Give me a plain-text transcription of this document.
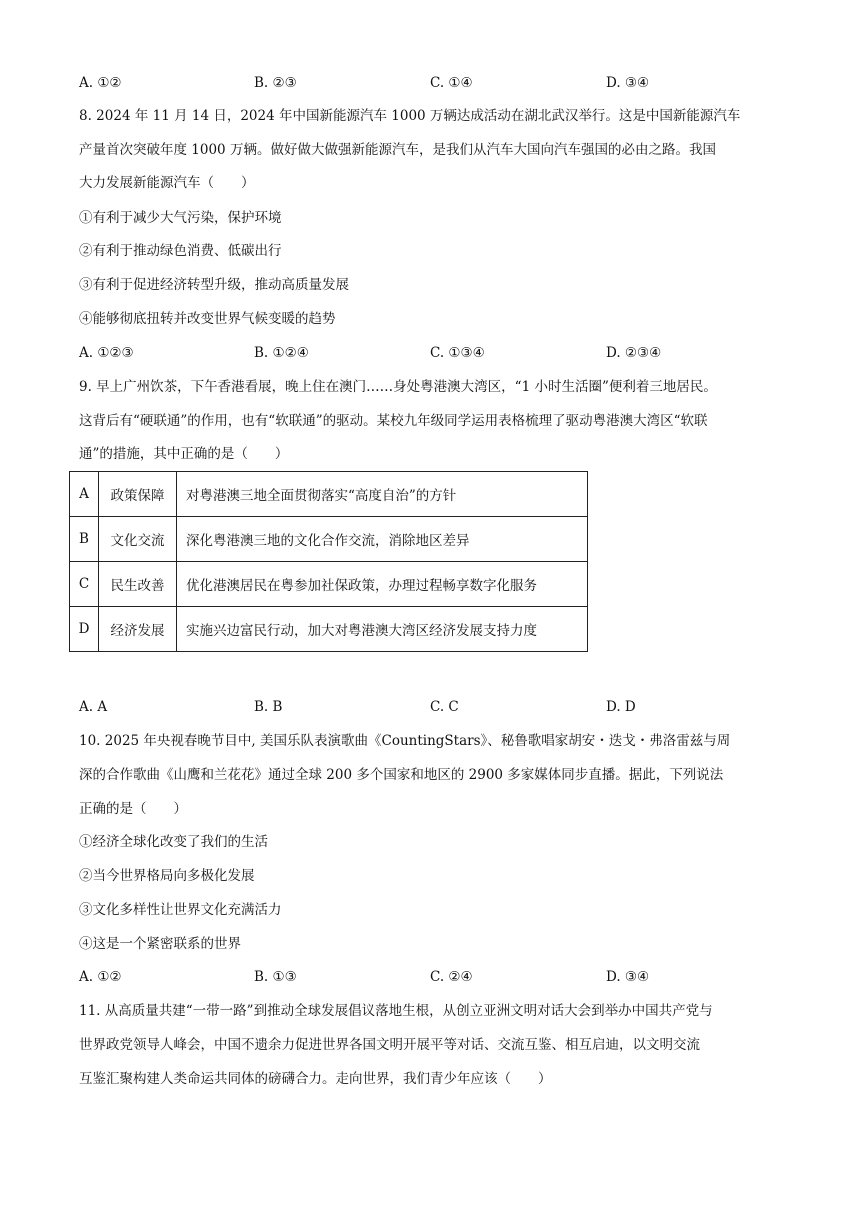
A. ①②	B. ②③	C. ①④	D. ③④
8. 2024 年 11 月 14 日，2024 年中国新能源汽车 1000 万辆达成活动在湖北武汉举行。这是中国新能源汽车
产量首次突破年度 1000 万辆。做好做大做强新能源汽车，是我们从汽车大国向汽车强国的必由之路。我国
大力发展新能源汽车（　　）
①有利于减少大气污染，保护环境
②有利于推动绿色消费、低碳出行
③有利于促进经济转型升级，推动高质量发展
④能够彻底扭转并改变世界气候变暖的趋势
A. ①②③	B. ①②④	C. ①③④	D. ②③④
9. 早上广州饮茶，下午香港看展，晚上住在澳门……身处粤港澳大湾区，“1 小时生活圈”便利着三地居民。
这背后有“硬联通”的作用，也有“软联通”的驱动。某校九年级同学运用表格梳理了驱动粤港澳大湾区“软联
通”的措施，其中正确的是（　　）
A	政策保障	对粤港澳三地全面贯彻落实“高度自治”的方针
B	文化交流	深化粤港澳三地的文化合作交流，消除地区差异
C	民生改善	优化港澳居民在粤参加社保政策，办理过程畅享数字化服务
D	经济发展	实施兴边富民行动，加大对粤港澳大湾区经济发展支持力度
A. A	B. B	C. C	D. D
10. 2025 年央视春晚节目中, 美国乐队表演歌曲《CountingStars》、秘鲁歌唱家胡安・迭戈・弗洛雷兹与周
深的合作歌曲《山鹰和兰花花》通过全球 200 多个国家和地区的 2900 多家媒体同步直播。据此，下列说法
正确的是（　　）
①经济全球化改变了我们的生活
②当今世界格局向多极化发展
③文化多样性让世界文化充满活力
④这是一个紧密联系的世界
A. ①②	B. ①③	C. ②④	D. ③④
11. 从高质量共建“一带一路”到推动全球发展倡议落地生根，从创立亚洲文明对话大会到举办中国共产党与
世界政党领导人峰会，中国不遗余力促进世界各国文明开展平等对话、交流互鉴、相互启迪，以文明交流
互鉴汇聚构建人类命运共同体的磅礴合力。走向世界，我们青少年应该（　　）
